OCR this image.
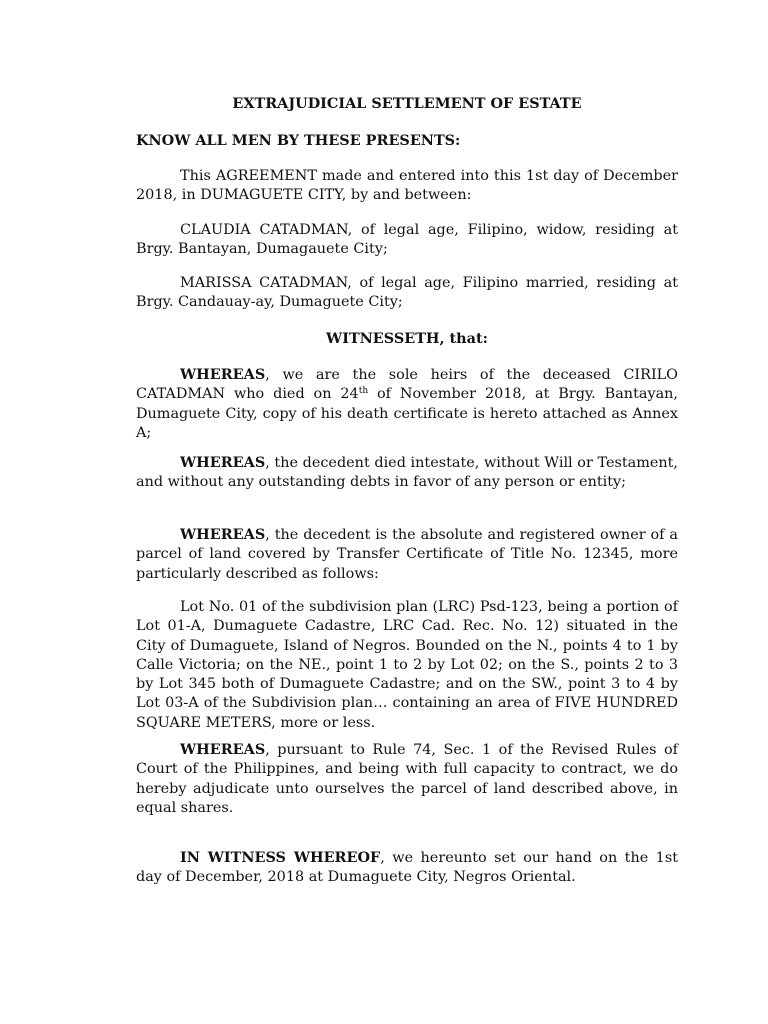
EXTRAJUDICIAL SETTLEMENT OF ESTATE

KNOW ALL MEN BY THESE PRESENTS:

This AGREEMENT made and entered into this 1st day of December 2018, in DUMAGUETE CITY, by and between:

CLAUDIA CATADMAN, of legal age, Filipino, widow, residing at Brgy. Bantayan, Dumagauete City;

MARISSA CATADMAN, of legal age, Filipino married, residing at Brgy. Candauay-ay, Dumaguete City;

WITNESSETH, that:

WHEREAS, we are the sole heirs of the deceased CIRILO CATADMAN who died on 24th of November 2018, at Brgy. Bantayan, Dumaguete City, copy of his death certificate is hereto attached as Annex A;

WHEREAS, the decedent died intestate, without Will or Testament, and without any outstanding debts in favor of any person or entity;

WHEREAS, the decedent is the absolute and registered owner of a parcel of land covered by Transfer Certificate of Title No. 12345, more particularly described as follows:

Lot No. 01 of the subdivision plan (LRC) Psd-123, being a portion of Lot 01-A, Dumaguete Cadastre, LRC Cad. Rec. No. 12) situated in the City of Dumaguete, Island of Negros. Bounded on the N., points 4 to 1 by Calle Victoria; on the NE., point 1 to 2 by Lot 02; on the S., points 2 to 3 by Lot 345 both of Dumaguete Cadastre; and on the SW., point 3 to 4 by Lot 03-A of the Subdivision plan… containing an area of FIVE HUNDRED SQUARE METERS, more or less.

WHEREAS, pursuant to Rule 74, Sec. 1 of the Revised Rules of Court of the Philippines, and being with full capacity to contract, we do hereby adjudicate unto ourselves the parcel of land described above, in equal shares.

IN WITNESS WHEREOF, we hereunto set our hand on the 1st day of December, 2018 at Dumaguete City, Negros Oriental.
